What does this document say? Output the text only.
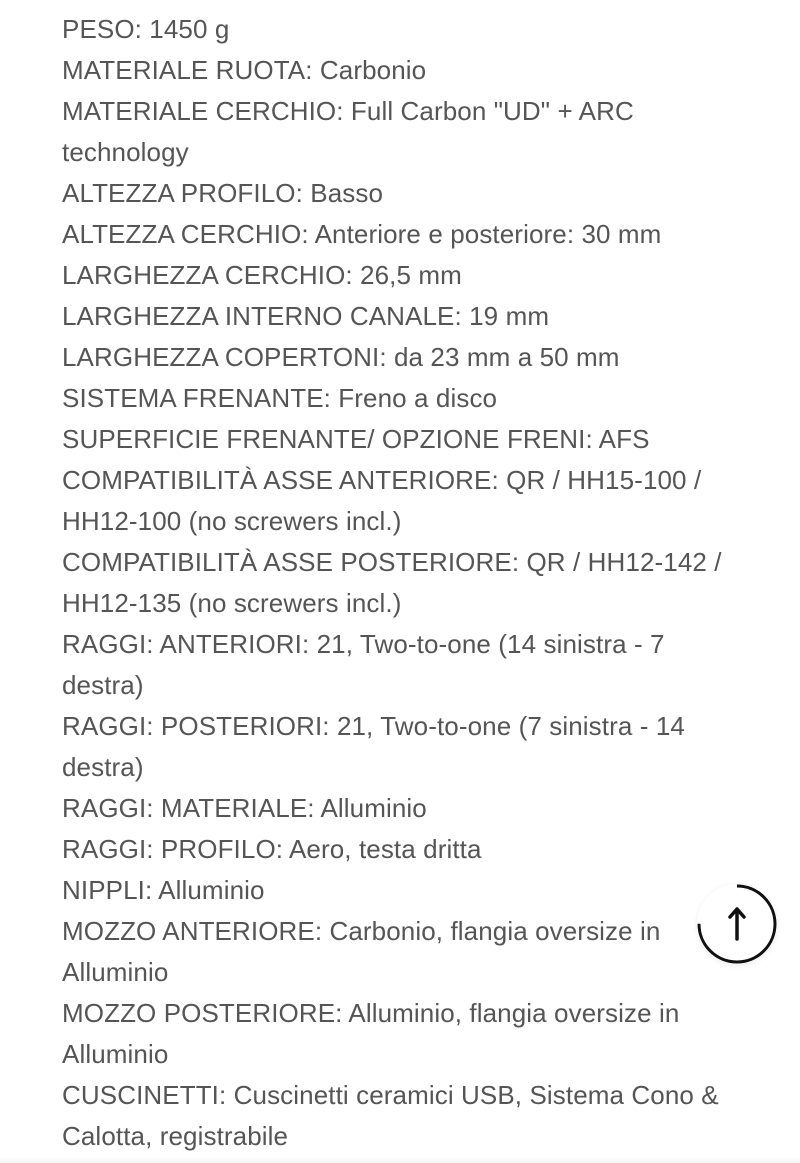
PESO: 1450 g
MATERIALE RUOTA: Carbonio
MATERIALE CERCHIO: Full Carbon "UD" + ARC technology
ALTEZZA PROFILO: Basso
ALTEZZA CERCHIO: Anteriore e posteriore: 30 mm
LARGHEZZA CERCHIO: 26,5 mm
LARGHEZZA INTERNO CANALE: 19 mm
LARGHEZZA COPERTONI: da 23 mm a 50 mm
SISTEMA FRENANTE: Freno a disco
SUPERFICIE FRENANTE/ OPZIONE FRENI: AFS
COMPATIBILITÀ ASSE ANTERIORE: QR / HH15-100 / HH12-100 (no screwers incl.)
COMPATIBILITÀ ASSE POSTERIORE: QR / HH12-142 / HH12-135 (no screwers incl.)
RAGGI: ANTERIORI: 21, Two-to-one (14 sinistra - 7 destra)
RAGGI: POSTERIORI: 21, Two-to-one (7 sinistra - 14 destra)
RAGGI: MATERIALE: Alluminio
RAGGI: PROFILO: Aero, testa dritta
NIPPLI: Alluminio
MOZZO ANTERIORE: Carbonio, flangia oversize in Alluminio
MOZZO POSTERIORE: Alluminio, flangia oversize in Alluminio
CUSCINETTI: Cuscinetti ceramici USB, Sistema Cono & Calotta, registrabile
